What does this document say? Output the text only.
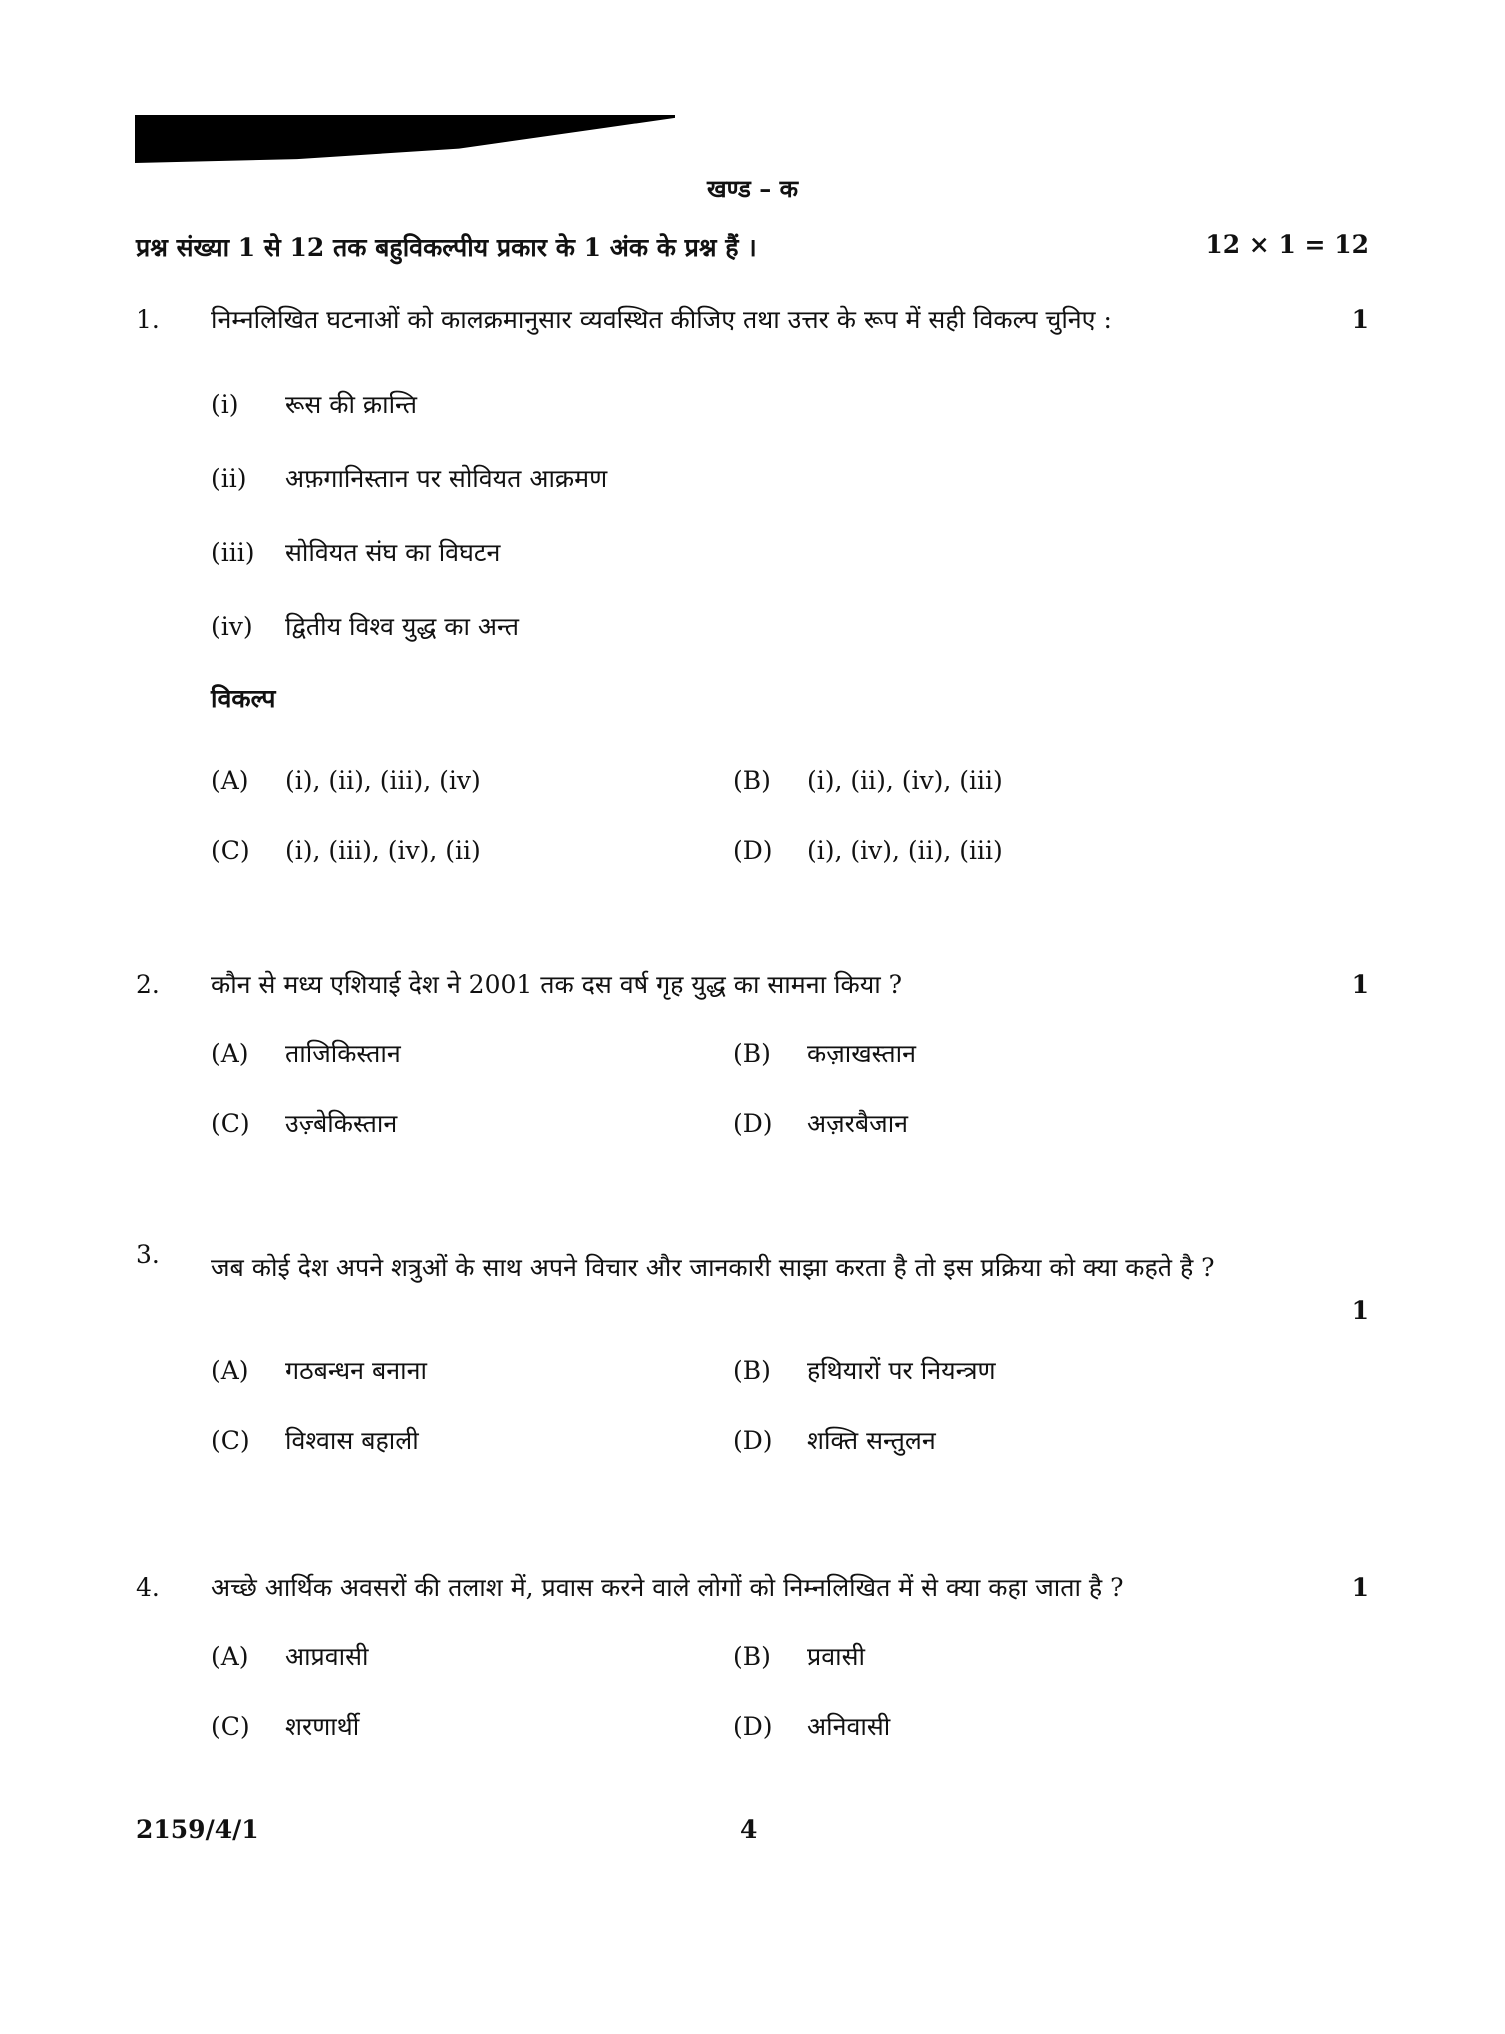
खण्ड – क
प्रश्न संख्या 1 से 12 तक बहुविकल्पीय प्रकार के 1 अंक के प्रश्न हैं ।	12 × 1 = 12
1.	निम्नलिखित घटनाओं को कालक्रमानुसार व्यवस्थित कीजिए तथा उत्तर के रूप में सही विकल्प चुनिए :	1
(i)	रूस की क्रान्ति
(ii)	अफ़गानिस्तान पर सोवियत आक्रमण
(iii)	सोवियत संघ का विघटन
(iv)	द्वितीय विश्व युद्ध का अन्त
विकल्प
(A)	(i), (ii), (iii), (iv)	(B)	(i), (ii), (iv), (iii)
(C)	(i), (iii), (iv), (ii)	(D)	(i), (iv), (ii), (iii)
2.	कौन से मध्य एशियाई देश ने 2001 तक दस वर्ष गृह युद्ध का सामना किया ?	1
(A)	ताजिकिस्तान	(B)	कज़ाखस्तान
(C)	उज़्बेकिस्तान	(D)	अज़रबैजान
3.	जब कोई देश अपने शत्रुओं के साथ अपने विचार और जानकारी साझा करता है तो इस प्रक्रिया को क्या कहते है ?
1
(A)	गठबन्धन बनाना	(B)	हथियारों पर नियन्त्रण
(C)	विश्वास बहाली	(D)	शक्ति सन्तुलन
4.	अच्छे आर्थिक अवसरों की तलाश में, प्रवास करने वाले लोगों को निम्नलिखित में से क्या कहा जाता है ?	1
(A)	आप्रवासी	(B)	प्रवासी
(C)	शरणार्थी	(D)	अनिवासी
2159/4/1	4
